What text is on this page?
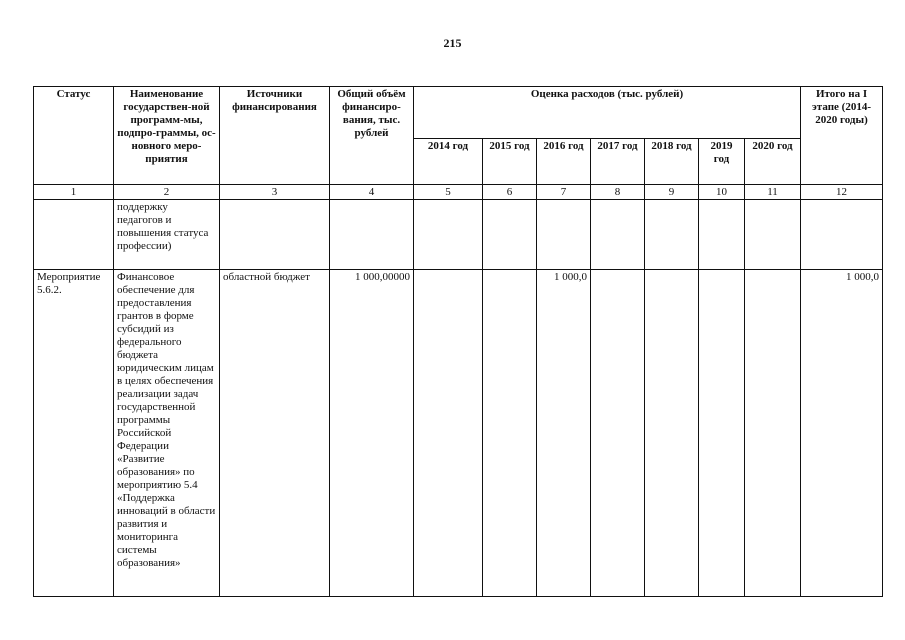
215
Статус	Наименование государствен-ной программ-мы, подпро-граммы, ос-новного меро-приятия	Источники финансирования	Общий объём финансиро-вания, тыс. рублей	Оценка расходов (тыс. рублей)							Итого на I этапе (2014-2020 годы)
				2014 год	2015 год	2016 год	2017 год	2018 год	2019 год	2020 год	
1	2	3	4	5	6	7	8	9	10	11	12
	поддержку педагогов и повышения статуса профессии)										
Мероприятие 5.6.2.	Финансовое обеспечение для предоставления грантов в форме субсидий из федерального бюджета юридическим лицам в целях обеспечения реализации задач государственной программы Российской Федерации «Развитие образования» по мероприятию 5.4 «Поддержка инноваций в области развития и мониторинга системы образования»	областной бюджет	1 000,00000			1 000,0					1 000,0
